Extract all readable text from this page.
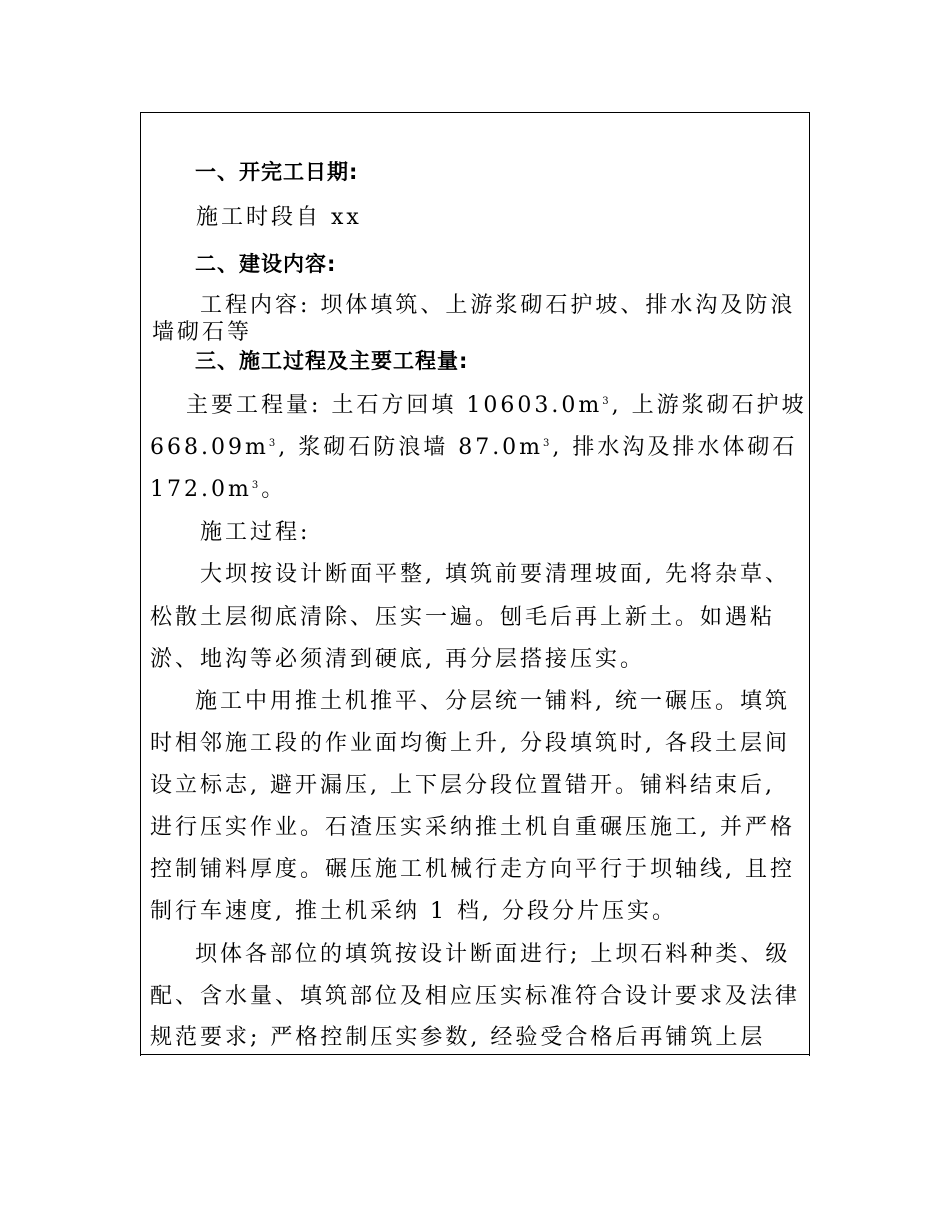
一、开完工日期:
施工时段自 xx
二、建设内容:
工程内容: 坝体填筑、上游浆砌石护坡、排水沟及防浪
墙砌石等
三、施工过程及主要工程量:
主要工程量: 土石方回填 $10603.0m^3$, 上游浆砌石护坡
$668.09m^3$, 浆砌石防浪墙 $87.0m^3$, 排水沟及排水体砌石
$172.0m^3$。
施工过程:
大坝按设计断面平整, 填筑前要清理坡面, 先将杂草、
松散土层彻底清除、压实一遍。刨毛后再上新土。如遇粘
淤、地沟等必须清到硬底, 再分层搭接压实。
施工中用推土机推平、分层统一铺料, 统一碾压。填筑
时相邻施工段的作业面均衡上升, 分段填筑时, 各段土层间
设立标志, 避开漏压, 上下层分段位置错开。铺料结束后,
进行压实作业。石渣压实采纳推土机自重碾压施工, 并严格
控制铺料厚度。碾压施工机械行走方向平行于坝轴线, 且控
制行车速度, 推土机采纳 1 档, 分段分片压实。
坝体各部位的填筑按设计断面进行; 上坝石料种类、级
配、含水量、填筑部位及相应压实标准符合设计要求及法律
规范要求; 严格控制压实参数, 经验受合格后再铺筑上层
